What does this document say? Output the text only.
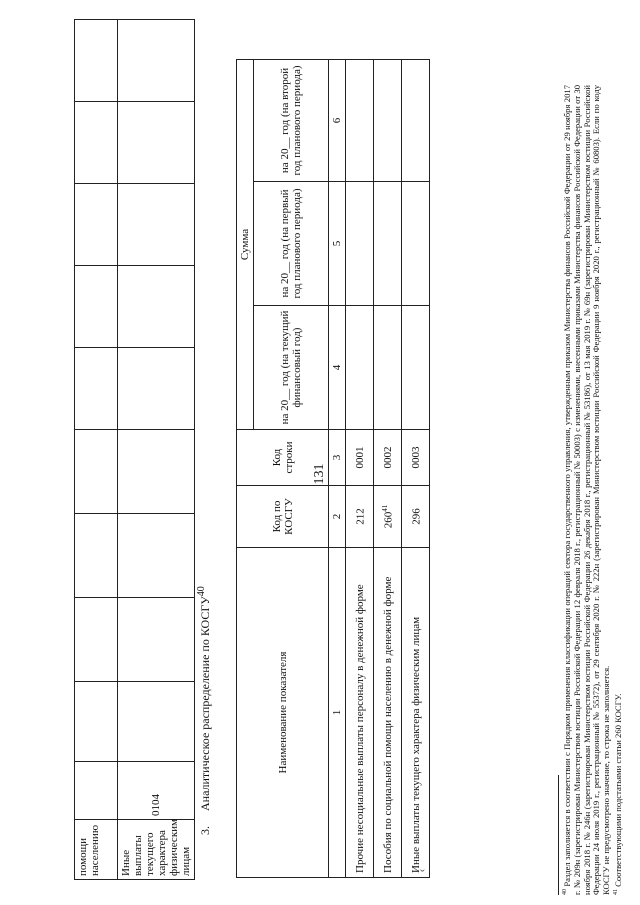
131
помощи населению										
Иные выплаты текущего характера физическим лицам	0104									
3.     Аналитическое распределение по КОСГУ$^{40}$
Наименование показателя	Код по КОСГУ	Код строки	Сумма		
			на 20__ год (на текущий финансовый год)	на 20__ год (на первый год планового периода)	на 20__ год (на второй год планового периода)
1	2	3	4	5	6
Прочие несоциальные выплаты персоналу в денежной форме	212	0001			
Пособия по социальной помощи населению в денежной форме	$260^{41}$	0002			
Иные выплаты текущего характера физическим лицам	296	0003			

$^{40}$ Раздел заполняется в соответствии с Порядком применения классификации операций сектора государственного управления, утвержденным приказом Министерства финансов Российской Федерации от 29 ноября 2017 г. № 209н (зарегистрирован Министерством юстиции Российской Федерации 12 февраля 2018 г., регистрационный № 50003) с изменениями, внесенными приказами Министерства финансов Российской Федерации от 30 ноября 2018 г. № 246н (зарегистрирован Министерством юстиции Российской Федерации 26 декабря 2018 г., регистрационный № 53186), от 13 мая 2019 г. № 69н (зарегистрирован Министерством юстиции Российской Федерации 24 июля 2019 г., регистрационный № 55372), от 29 сентября 2020 г. № 222н (зарегистрирован Министерством юстиции Российской Федерации 9 ноября 2020 г., регистрационный № 60803). Если по коду КОСГУ не предусмотрено значение, то строка не заполняется. $^{41}$ Соответствующими подстатьями статьи 260 КОСГУ.

ˇ
